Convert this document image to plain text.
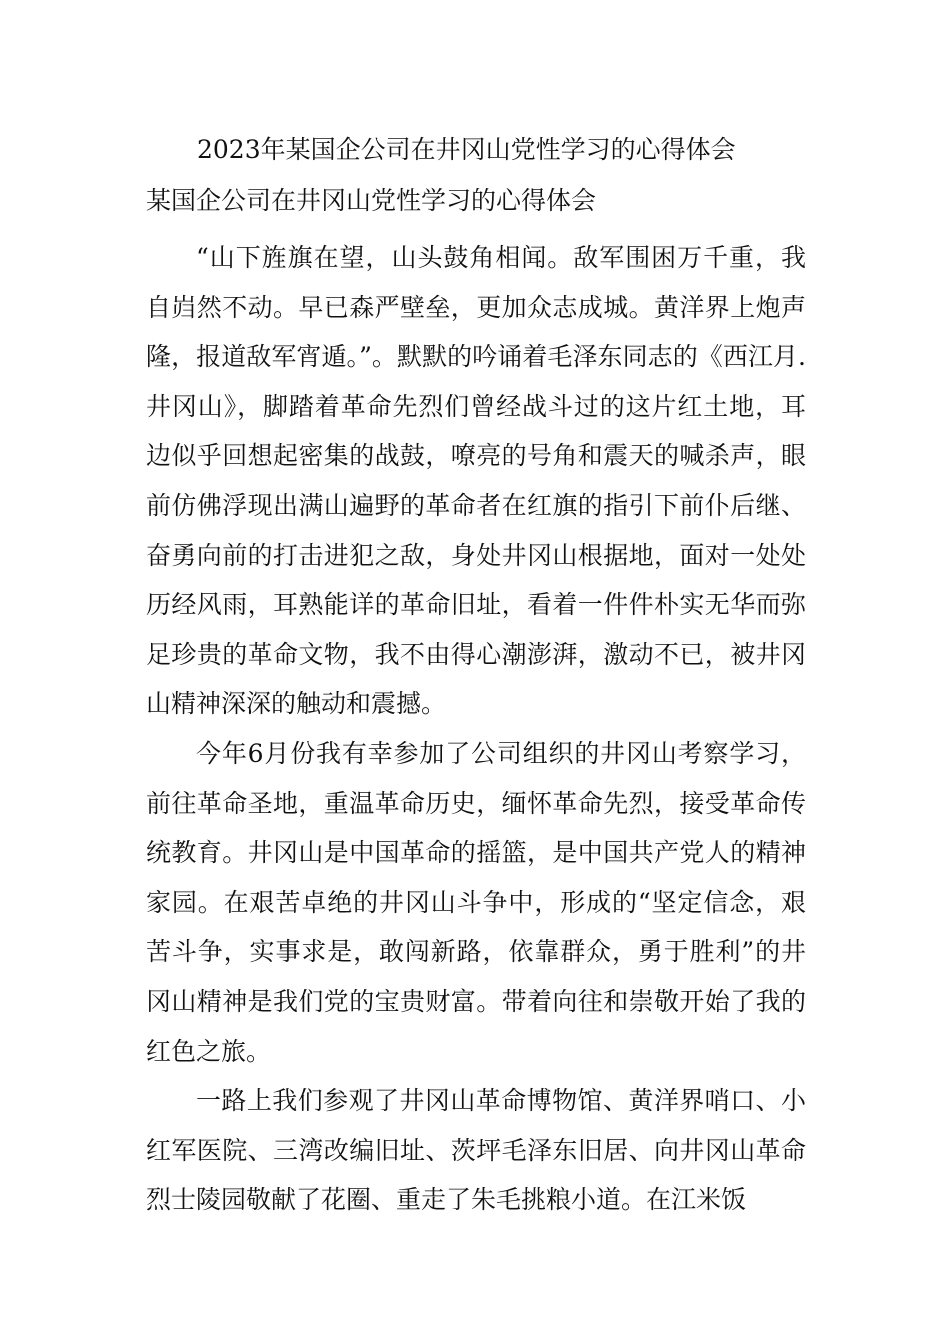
2023年某国企公司在井冈山党性学习的心得体会
某国企公司在井冈山党性学习的心得体会

“山下旌旗在望，山头鼓角相闻。敌军围困万千重，我自岿然不动。早已森严壁垒，更加众志成城。黄洋界上炮声隆，报道敌军宵遁。”。默默的吟诵着毛泽东同志的《西江月.井冈山》，脚踏着革命先烈们曾经战斗过的这片红土地，耳边似乎回想起密集的战鼓，嘹亮的号角和震天的喊杀声，眼前仿佛浮现出满山遍野的革命者在红旗的指引下前仆后继、奋勇向前的打击进犯之敌，身处井冈山根据地，面对一处处历经风雨，耳熟能详的革命旧址，看着一件件朴实无华而弥足珍贵的革命文物，我不由得心潮澎湃，激动不已，被井冈山精神深深的触动和震撼。

今年6月份我有幸参加了公司组织的井冈山考察学习，前往革命圣地，重温革命历史，缅怀革命先烈，接受革命传统教育。井冈山是中国革命的摇篮，是中国共产党人的精神家园。在艰苦卓绝的井冈山斗争中，形成的“坚定信念，艰苦斗争，实事求是，敢闯新路，依靠群众，勇于胜利”的井冈山精神是我们党的宝贵财富。带着向往和崇敬开始了我的红色之旅。

一路上我们参观了井冈山革命博物馆、黄洋界哨口、小红军医院、三湾改编旧址、茨坪毛泽东旧居、向井冈山革命烈士陵园敬献了花圈、重走了朱毛挑粮小道。在江米饭
